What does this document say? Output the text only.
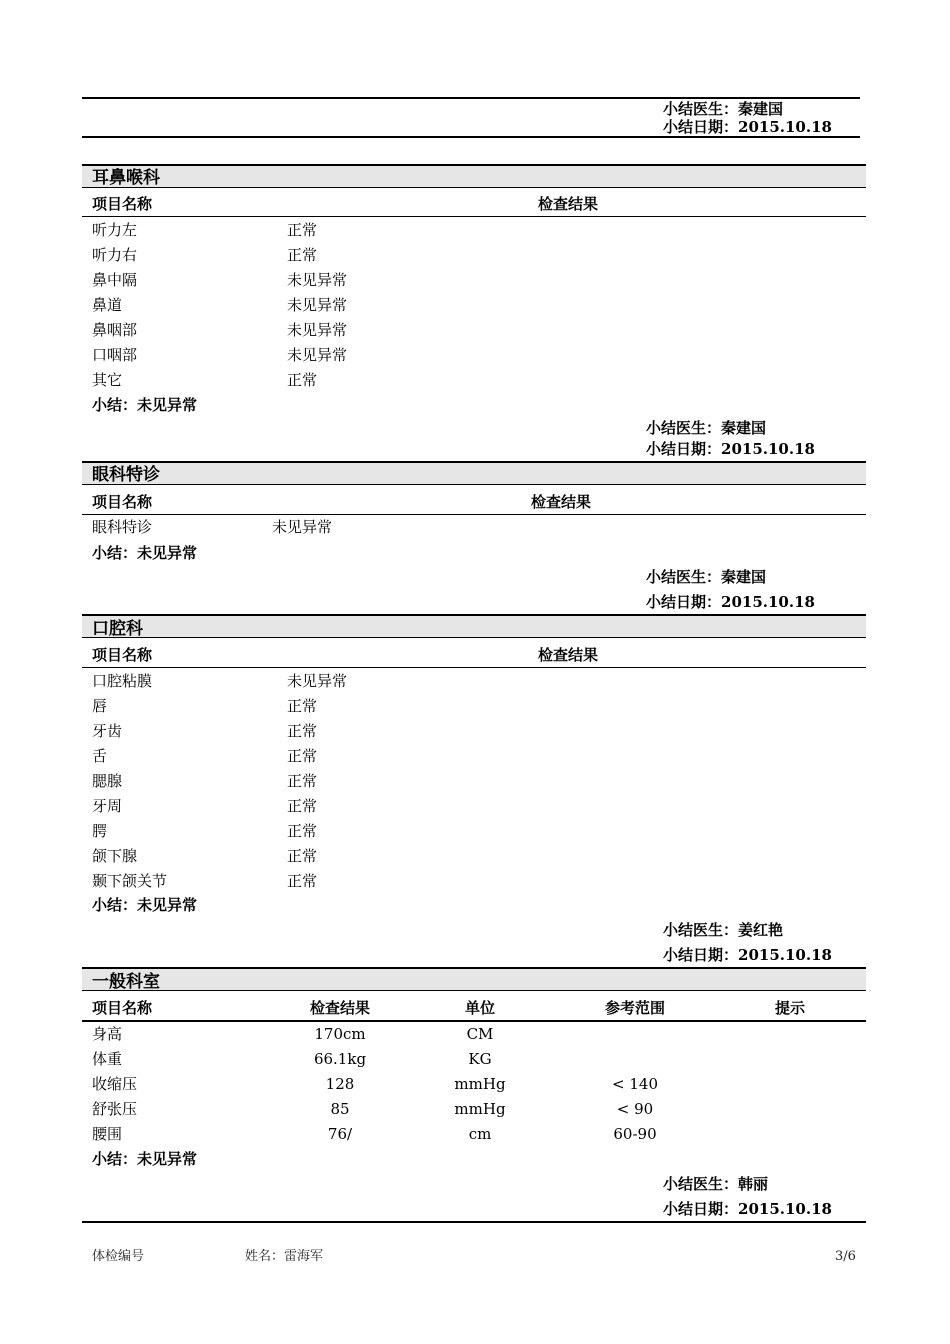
小结医生：秦建国
小结日期：2015.10.18
耳鼻喉科
项目名称	检查结果
听力左	正常
听力右	正常
鼻中隔	未见异常
鼻道	未见异常
鼻咽部	未见异常
口咽部	未见异常
其它	正常
小结：未见异常
小结医生：秦建国
小结日期：2015.10.18
眼科特诊
项目名称	检查结果
眼科特诊	未见异常
小结：未见异常
小结医生：秦建国
小结日期：2015.10.18
口腔科
项目名称	检查结果
口腔粘膜	未见异常
唇	正常
牙齿	正常
舌	正常
腮腺	正常
牙周	正常
腭	正常
颌下腺	正常
颞下颌关节	正常
小结：未见异常
小结医生：姜红艳
小结日期：2015.10.18
一般科室
项目名称	检查结果	单位	参考范围	提示
身高	170cm	CM
体重	66.1kg	KG
收缩压	128	mmHg	< 140
舒张压	85	mmHg	< 90
腰围	76/	cm	60-90
小结：未见异常
小结医生：韩丽
小结日期：2015.10.18
体检编号	姓名：雷海军	3/6
